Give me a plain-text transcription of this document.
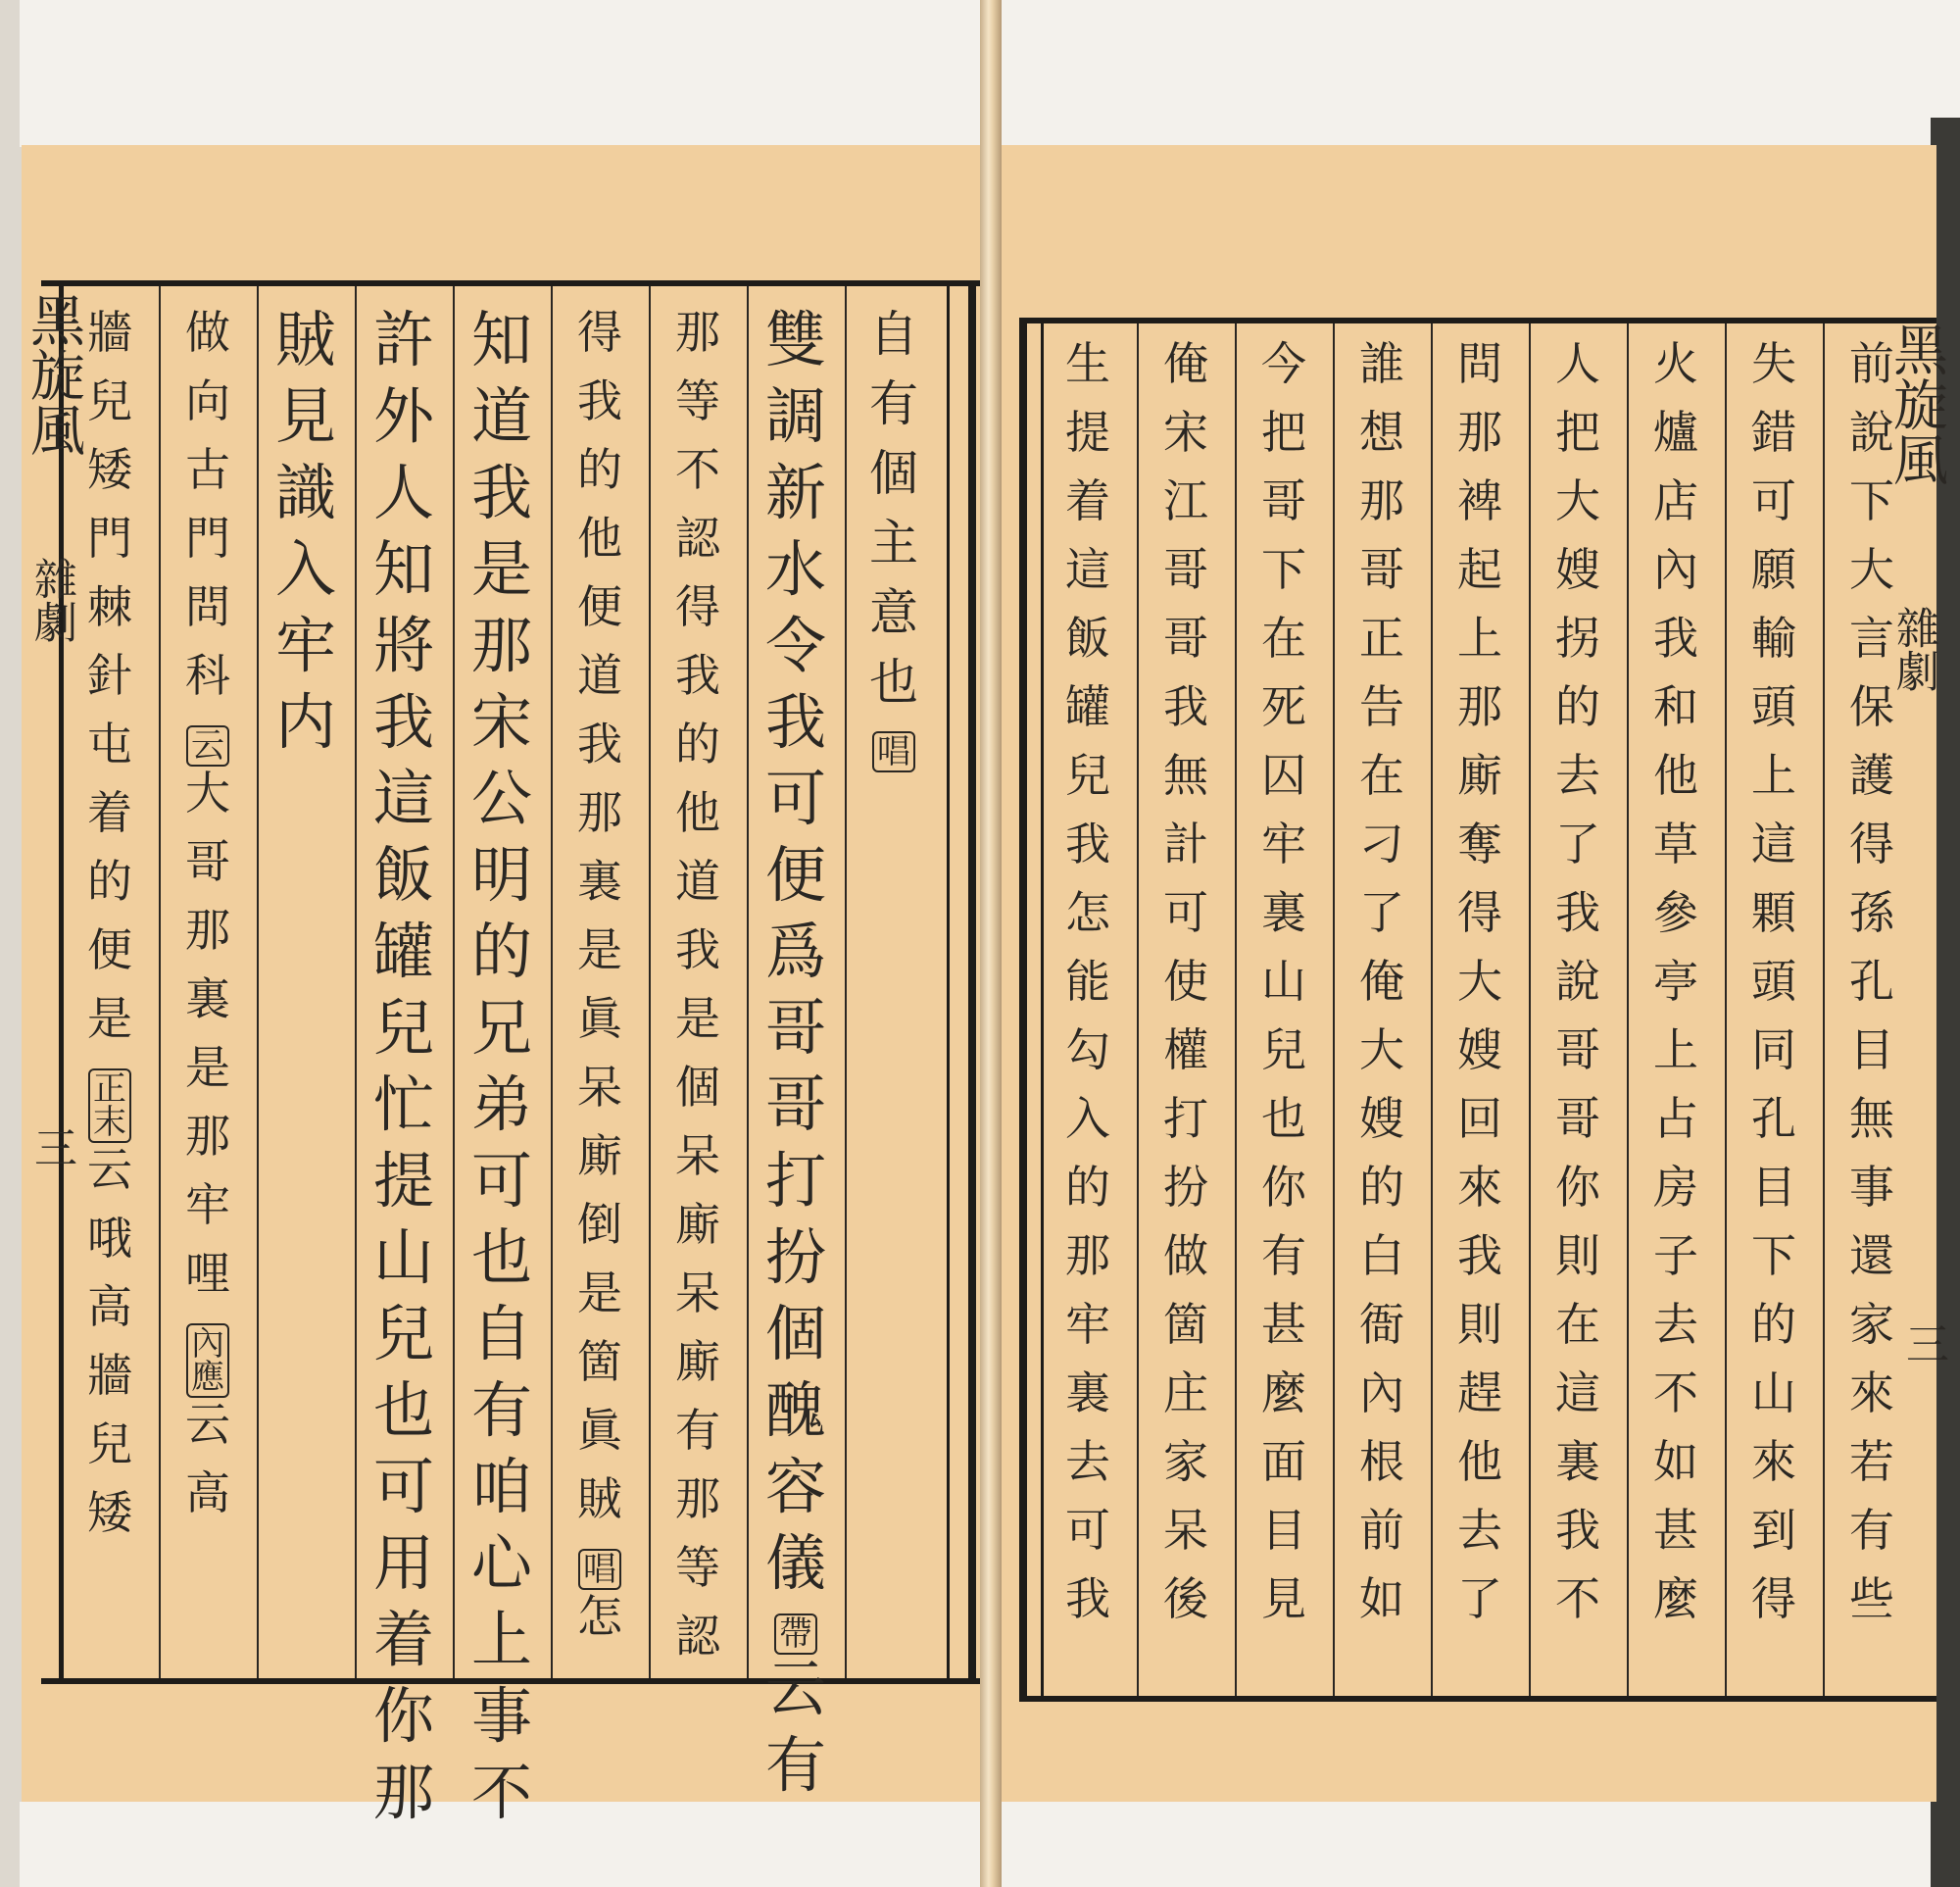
黑旋風
雜劇
三
自
有
個
主
意
也
唱
雙
調
新
水
令
我
可
便
爲
哥
哥
打
扮
個
醜
容
儀
帶
云
有
那
等
不
認
得
我
的
他
道
我
是
個
呆
廝
呆
廝
有
那
等
認
得
我
的
他
便
道
我
那
裏
是
眞
呆
廝
倒
是
箇
眞
賊
唱
怎
知
道
我
是
那
宋
公
明
的
兄
弟
可
也
自
有
咱
心
上
事
不
許
外
人
知
將
我
這
飯
罐
兒
忙
提
山
兒
也
可
用
着
你
那
賊
見
識
入
牢
内
做
向
古
門
問
科
云
大
哥
那
裏
是
那
牢
哩
內應
云
高
牆
兒
矮
門
棘
針
屯
着
的
便
是
正末
云
哦
高
牆
兒
矮
黑旋風
雜劇
三
前
說
下
大
言
保
護
得
孫
孔
目
無
事
還
家
來
若
有
些
失
錯
可
願
輸
頭
上
這
顆
頭
同
孔
目
下
的
山
來
到
得
火
爐
店
內
我
和
他
草
參
亭
上
占
房
子
去
不
如
甚
麼
人
把
大
嫂
拐
的
去
了
我
說
哥
哥
你
則
在
這
裏
我
不
問
那
裨
起
上
那
廝
奪
得
大
嫂
回
來
我
則
趕
他
去
了
誰
想
那
哥
正
告
在
刁
了
俺
大
嫂
的
白
衙
內
根
前
如
今
把
哥
下
在
死
囚
牢
裏
山
兒
也
你
有
甚
麼
面
目
見
俺
宋
江
哥
哥
我
無
計
可
使
權
打
扮
做
箇
庄
家
呆
後
生
提
着
這
飯
罐
兒
我
怎
能
勾
入
的
那
牢
裏
去
可
我
